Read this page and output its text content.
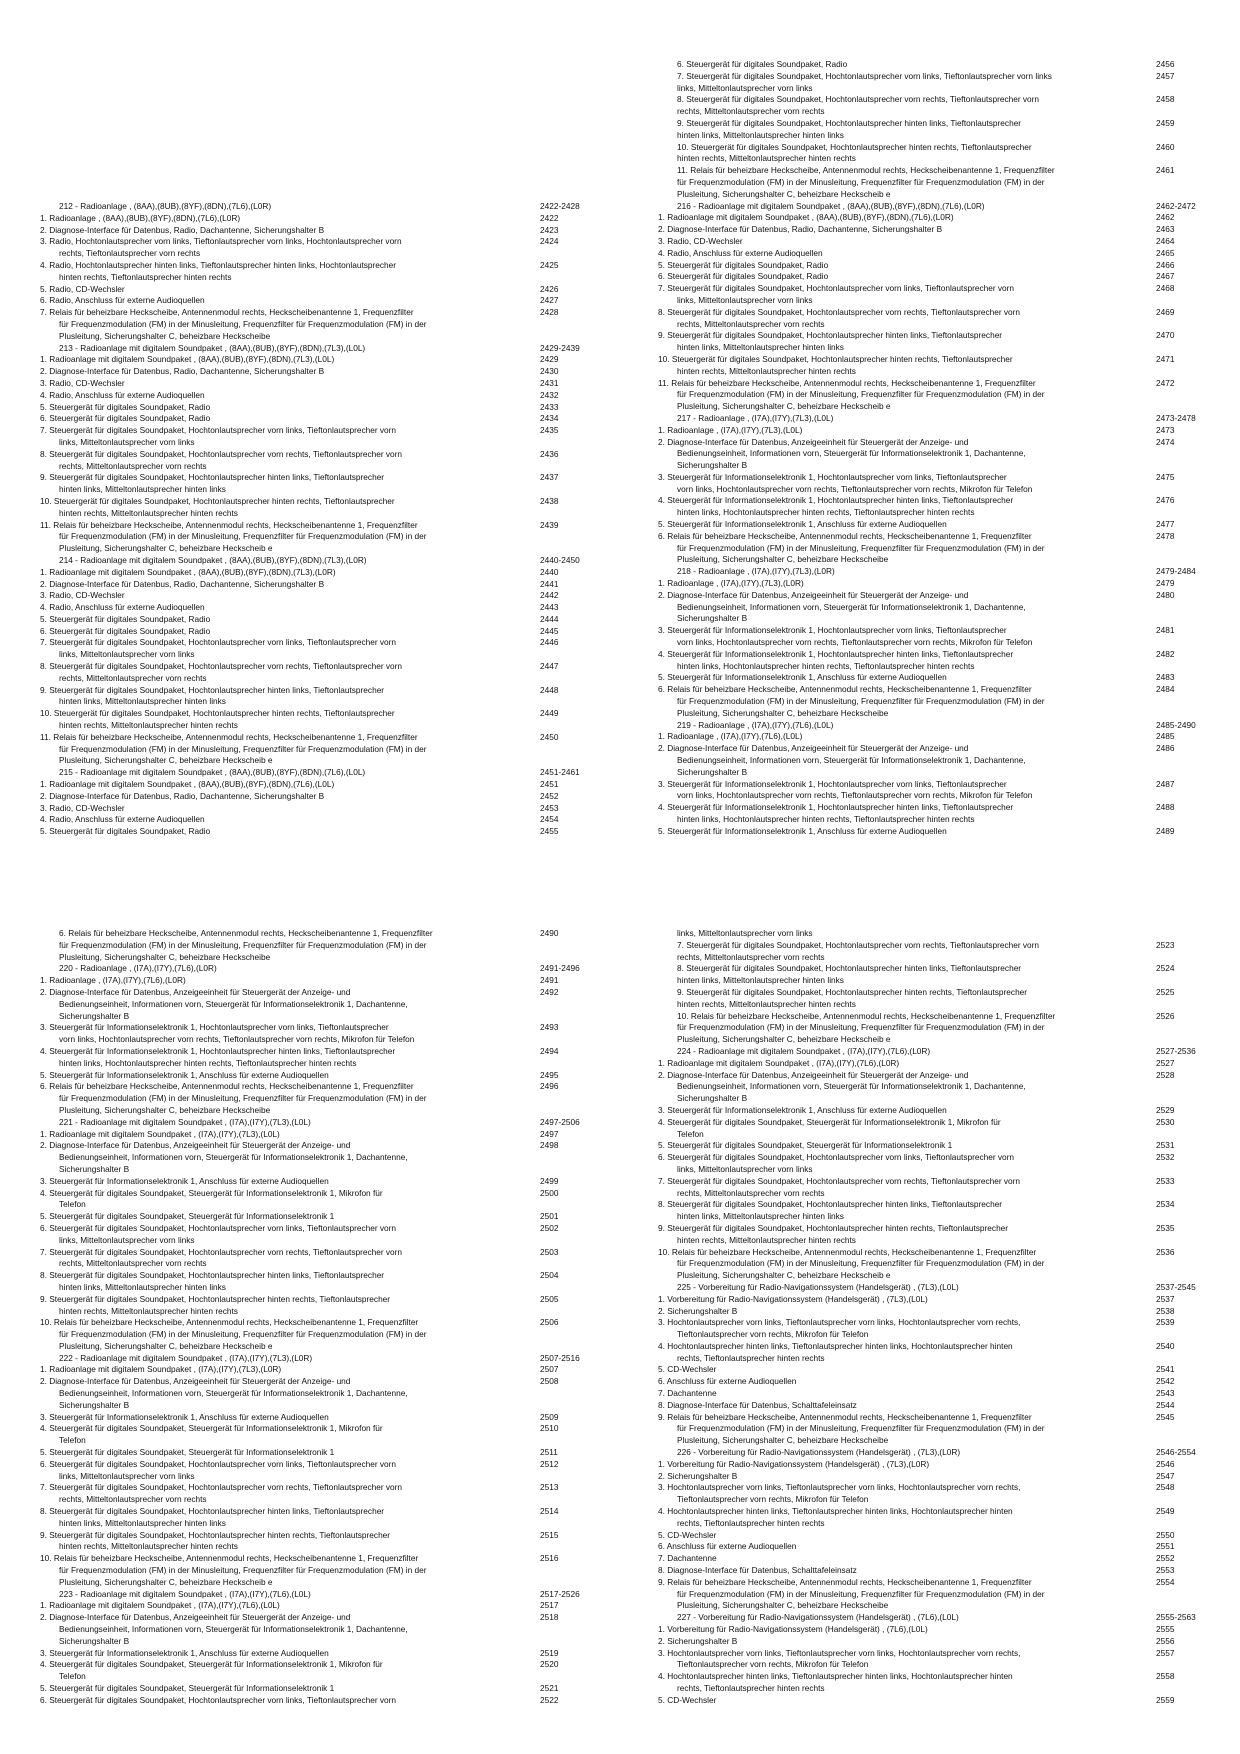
212 - Radioanlage , (8AA),(8UB),(8YF),(8DN),(7L6),(L0R)	2422-2428
1. Radioanlage , (8AA),(8UB),(8YF),(8DN),(7L6),(L0R)	2422
2. Diagnose-Interface für Datenbus, Radio, Dachantenne, Sicherungshalter B	2423
3. Radio, Hochtonlautsprecher vorn links, Tieftonlautsprecher vorn links, Hochtonlautsprecher vorn	2424
rechts, Tieftonlautsprecher vorn rechts
4. Radio, Hochtonlautsprecher hinten links, Tieftonlautsprecher hinten links, Hochtonlautsprecher	2425
hinten rechts, Tieftonlautsprecher hinten rechts
5. Radio, CD-Wechsler	2426
6. Radio, Anschluss für externe Audioquellen	2427
7. Relais für beheizbare Heckscheibe, Antennenmodul rechts, Heckscheibenantenne 1, Frequenzfilter	2428
für Frequenzmodulation (FM) in der Minusleitung, Frequenzfilter für Frequenzmodulation (FM) in der
Plusleitung, Sicherungshalter C, beheizbare Heckscheibe
213 - Radioanlage mit digitalem Soundpaket , (8AA),(8UB),(8YF),(8DN),(7L3),(L0L)	2429-2439
1. Radioanlage mit digitalem Soundpaket , (8AA),(8UB),(8YF),(8DN),(7L3),(L0L)	2429
2. Diagnose-Interface für Datenbus, Radio, Dachantenne, Sicherungshalter B	2430
3. Radio, CD-Wechsler	2431
4. Radio, Anschluss für externe Audioquellen	2432
5. Steuergerät für digitales Soundpaket, Radio	2433
6. Steuergerät für digitales Soundpaket, Radio	2434
7. Steuergerät für digitales Soundpaket, Hochtonlautsprecher vorn links, Tieftonlautsprecher vorn	2435
links, Mitteltonlautsprecher vorn links
8. Steuergerät für digitales Soundpaket, Hochtonlautsprecher vorn rechts, Tieftonlautsprecher vorn	2436
rechts, Mitteltonlautsprecher vorn rechts
9. Steuergerät für digitales Soundpaket, Hochtonlautsprecher hinten links, Tieftonlautsprecher	2437
hinten links, Mitteltonlautsprecher hinten links
10. Steuergerät für digitales Soundpaket, Hochtonlautsprecher hinten rechts, Tieftonlautsprecher	2438
hinten rechts, Mitteltonlautsprecher hinten rechts
11. Relais für beheizbare Heckscheibe, Antennenmodul rechts, Heckscheibenantenne 1, Frequenzfilter	2439
für Frequenzmodulation (FM) in der Minusleitung, Frequenzfilter für Frequenzmodulation (FM) in der
Plusleitung, Sicherungshalter C, beheizbare Heckscheib e
214 - Radioanlage mit digitalem Soundpaket , (8AA),(8UB),(8YF),(8DN),(7L3),(L0R)	2440-2450
1. Radioanlage mit digitalem Soundpaket , (8AA),(8UB),(8YF),(8DN),(7L3),(L0R)	2440
2. Diagnose-Interface für Datenbus, Radio, Dachantenne, Sicherungshalter B	2441
3. Radio, CD-Wechsler	2442
4. Radio, Anschluss für externe Audioquellen	2443
5. Steuergerät für digitales Soundpaket, Radio	2444
6. Steuergerät für digitales Soundpaket, Radio	2445
7. Steuergerät für digitales Soundpaket, Hochtonlautsprecher vorn links, Tieftonlautsprecher vorn	2446
links, Mitteltonlautsprecher vorn links
8. Steuergerät für digitales Soundpaket, Hochtonlautsprecher vorn rechts, Tieftonlautsprecher vorn	2447
rechts, Mitteltonlautsprecher vorn rechts
9. Steuergerät für digitales Soundpaket, Hochtonlautsprecher hinten links, Tieftonlautsprecher	2448
hinten links, Mitteltonlautsprecher hinten links
10. Steuergerät für digitales Soundpaket, Hochtonlautsprecher hinten rechts, Tieftonlautsprecher	2449
hinten rechts, Mitteltonlautsprecher hinten rechts
11. Relais für beheizbare Heckscheibe, Antennenmodul rechts, Heckscheibenantenne 1, Frequenzfilter	2450
für Frequenzmodulation (FM) in der Minusleitung, Frequenzfilter für Frequenzmodulation (FM) in der
Plusleitung, Sicherungshalter C, beheizbare Heckscheib e
215 - Radioanlage mit digitalem Soundpaket , (8AA),(8UB),(8YF),(8DN),(7L6),(L0L)	2451-2461
1. Radioanlage mit digitalem Soundpaket , (8AA),(8UB),(8YF),(8DN),(7L6),(L0L)	2451
2. Diagnose-Interface für Datenbus, Radio, Dachantenne, Sicherungshalter B	2452
3. Radio, CD-Wechsler	2453
4. Radio, Anschluss für externe Audioquellen	2454
5. Steuergerät für digitales Soundpaket, Radio	2455
6. Steuergerät für digitales Soundpaket, Radio	2456
7. Steuergerät für digitales Soundpaket, Hochtonlautsprecher vorn links, Tieftonlautsprecher vorn links	2457
links, Mitteltonlautsprecher vorn links
8. Steuergerät für digitales Soundpaket, Hochtonlautsprecher vorn rechts, Tieftonlautsprecher vorn	2458
rechts, Mitteltonlautsprecher vorn rechts
9. Steuergerät für digitales Soundpaket, Hochtonlautsprecher hinten links, Tieftonlautsprecher	2459
hinten links, Mitteltonlautsprecher hinten links
10. Steuergerät für digitales Soundpaket, Hochtonlautsprecher hinten rechts, Tieftonlautsprecher	2460
hinten rechts, Mitteltonlautsprecher hinten rechts
11. Relais für beheizbare Heckscheibe, Antennenmodul rechts, Heckscheibenantenne 1, Frequenzfilter	2461
für Frequenzmodulation (FM) in der Minusleitung, Frequenzfilter für Frequenzmodulation (FM) in der
Plusleitung, Sicherungshalter C, beheizbare Heckscheib e
216 - Radioanlage mit digitalem Soundpaket , (8AA),(8UB),(8YF),(8DN),(7L6),(L0R)	2462-2472
1. Radioanlage mit digitalem Soundpaket , (8AA),(8UB),(8YF),(8DN),(7L6),(L0R)	2462
2. Diagnose-Interface für Datenbus, Radio, Dachantenne, Sicherungshalter B	2463
3. Radio, CD-Wechsler	2464
4. Radio, Anschluss für externe Audioquellen	2465
5. Steuergerät für digitales Soundpaket, Radio	2466
6. Steuergerät für digitales Soundpaket, Radio	2467
7. Steuergerät für digitales Soundpaket, Hochtonlautsprecher vorn links, Tieftonlautsprecher vorn	2468
links, Mitteltonlautsprecher vorn links
8. Steuergerät für digitales Soundpaket, Hochtonlautsprecher vorn rechts, Tieftonlautsprecher vorn	2469
rechts, Mitteltonlautsprecher vorn rechts
9. Steuergerät für digitales Soundpaket, Hochtonlautsprecher hinten links, Tieftonlautsprecher	2470
hinten links, Mitteltonlautsprecher hinten links
10. Steuergerät für digitales Soundpaket, Hochtonlautsprecher hinten rechts, Tieftonlautsprecher	2471
hinten rechts, Mitteltonlautsprecher hinten rechts
11. Relais für beheizbare Heckscheibe, Antennenmodul rechts, Heckscheibenantenne 1, Frequenzfilter	2472
für Frequenzmodulation (FM) in der Minusleitung, Frequenzfilter für Frequenzmodulation (FM) in der
Plusleitung, Sicherungshalter C, beheizbare Heckscheib e
217 - Radioanlage , (I7A),(I7Y),(7L3),(L0L)	2473-2478
1. Radioanlage , (I7A),(I7Y),(7L3),(L0L)	2473
2. Diagnose-Interface für Datenbus, Anzeigeeinheit für Steuergerät der Anzeige- und	2474
Bedienungseinheit, Informationen vorn, Steuergerät für Informationselektronik 1, Dachantenne,
Sicherungshalter B
3. Steuergerät für Informationselektronik 1, Hochtonlautsprecher vorn links, Tieftonlautsprecher	2475
vorn links, Hochtonlautsprecher vorn rechts, Tieftonlautsprecher vorn rechts, Mikrofon für Telefon
4. Steuergerät für Informationselektronik 1, Hochtonlautsprecher hinten links, Tieftonlautsprecher	2476
hinten links, Hochtonlautsprecher hinten rechts, Tieftonlautsprecher hinten rechts
5. Steuergerät für Informationselektronik 1, Anschluss für externe Audioquellen	2477
6. Relais für beheizbare Heckscheibe, Antennenmodul rechts, Heckscheibenantenne 1, Frequenzfilter	2478
für Frequenzmodulation (FM) in der Minusleitung, Frequenzfilter für Frequenzmodulation (FM) in der
Plusleitung, Sicherungshalter C, beheizbare Heckscheibe
218 - Radioanlage , (I7A),(I7Y),(7L3),(L0R)	2479-2484
1. Radioanlage , (I7A),(I7Y),(7L3),(L0R)	2479
2. Diagnose-Interface für Datenbus, Anzeigeeinheit für Steuergerät der Anzeige- und	2480
Bedienungseinheit, Informationen vorn, Steuergerät für Informationselektronik 1, Dachantenne,
Sicherungshalter B
3. Steuergerät für Informationselektronik 1, Hochtonlautsprecher vorn links, Tieftonlautsprecher	2481
vorn links, Hochtonlautsprecher vorn rechts, Tieftonlautsprecher vorn rechts, Mikrofon für Telefon
4. Steuergerät für Informationselektronik 1, Hochtonlautsprecher hinten links, Tieftonlautsprecher	2482
hinten links, Hochtonlautsprecher hinten rechts, Tieftonlautsprecher hinten rechts
5. Steuergerät für Informationselektronik 1, Anschluss für externe Audioquellen	2483
6. Relais für beheizbare Heckscheibe, Antennenmodul rechts, Heckscheibenantenne 1, Frequenzfilter	2484
für Frequenzmodulation (FM) in der Minusleitung, Frequenzfilter für Frequenzmodulation (FM) in der
Plusleitung, Sicherungshalter C, beheizbare Heckscheibe
219 - Radioanlage , (I7A),(I7Y),(7L6),(L0L)	2485-2490
1. Radioanlage , (I7A),(I7Y),(7L6),(L0L)	2485
2. Diagnose-Interface für Datenbus, Anzeigeeinheit für Steuergerät der Anzeige- und	2486
Bedienungseinheit, Informationen vorn, Steuergerät für Informationselektronik 1, Dachantenne,
Sicherungshalter B
3. Steuergerät für Informationselektronik 1, Hochtonlautsprecher vorn links, Tieftonlautsprecher	2487
vorn links, Hochtonlautsprecher vorn rechts, Tieftonlautsprecher vorn rechts, Mikrofon für Telefon
4. Steuergerät für Informationselektronik 1, Hochtonlautsprecher hinten links, Tieftonlautsprecher	2488
hinten links, Hochtonlautsprecher hinten rechts, Tieftonlautsprecher hinten rechts
5. Steuergerät für Informationselektronik 1, Anschluss für externe Audioquellen	2489
6. Relais für beheizbare Heckscheibe, Antennenmodul rechts, Heckscheibenantenne 1, Frequenzfilter	2490
für Frequenzmodulation (FM) in der Minusleitung, Frequenzfilter für Frequenzmodulation (FM) in der
Plusleitung, Sicherungshalter C, beheizbare Heckscheibe
220 - Radioanlage , (I7A),(I7Y),(7L6),(L0R)	2491-2496
1. Radioanlage , (I7A),(I7Y),(7L6),(L0R)	2491
2. Diagnose-Interface für Datenbus, Anzeigeeinheit für Steuergerät der Anzeige- und	2492
Bedienungseinheit, Informationen vorn, Steuergerät für Informationselektronik 1, Dachantenne,
Sicherungshalter B
3. Steuergerät für Informationselektronik 1, Hochtonlautsprecher vorn links, Tieftonlautsprecher	2493
vorn links, Hochtonlautsprecher vorn rechts, Tieftonlautsprecher vorn rechts, Mikrofon für Telefon
4. Steuergerät für Informationselektronik 1, Hochtonlautsprecher hinten links, Tieftonlautsprecher	2494
hinten links, Hochtonlautsprecher hinten rechts, Tieftonlautsprecher hinten rechts
5. Steuergerät für Informationselektronik 1, Anschluss für externe Audioquellen	2495
6. Relais für beheizbare Heckscheibe, Antennenmodul rechts, Heckscheibenantenne 1, Frequenzfilter	2496
für Frequenzmodulation (FM) in der Minusleitung, Frequenzfilter für Frequenzmodulation (FM) in der
Plusleitung, Sicherungshalter C, beheizbare Heckscheibe
221 - Radioanlage mit digitalem Soundpaket , (I7A),(I7Y),(7L3),(L0L)	2497-2506
1. Radioanlage mit digitalem Soundpaket , (I7A),(I7Y),(7L3),(L0L)	2497
2. Diagnose-Interface für Datenbus, Anzeigeeinheit für Steuergerät der Anzeige- und	2498
Bedienungseinheit, Informationen vorn, Steuergerät für Informationselektronik 1, Dachantenne,
Sicherungshalter B
3. Steuergerät für Informationselektronik 1, Anschluss für externe Audioquellen	2499
4. Steuergerät für digitales Soundpaket, Steuergerät für Informationselektronik 1, Mikrofon für	2500
Telefon
5. Steuergerät für digitales Soundpaket, Steuergerät für Informationselektronik 1	2501
6. Steuergerät für digitales Soundpaket, Hochtonlautsprecher vorn links, Tieftonlautsprecher vorn	2502
links, Mitteltonlautsprecher vorn links
7. Steuergerät für digitales Soundpaket, Hochtonlautsprecher vorn rechts, Tieftonlautsprecher vorn	2503
rechts, Mitteltonlautsprecher vorn rechts
8. Steuergerät für digitales Soundpaket, Hochtonlautsprecher hinten links, Tieftonlautsprecher	2504
hinten links, Mitteltonlautsprecher hinten links
9. Steuergerät für digitales Soundpaket, Hochtonlautsprecher hinten rechts, Tieftonlautsprecher	2505
hinten rechts, Mitteltonlautsprecher hinten rechts
10. Relais für beheizbare Heckscheibe, Antennenmodul rechts, Heckscheibenantenne 1, Frequenzfilter	2506
für Frequenzmodulation (FM) in der Minusleitung, Frequenzfilter für Frequenzmodulation (FM) in der
Plusleitung, Sicherungshalter C, beheizbare Heckscheib e
222 - Radioanlage mit digitalem Soundpaket , (I7A),(I7Y),(7L3),(L0R)	2507-2516
1. Radioanlage mit digitalem Soundpaket , (I7A),(I7Y),(7L3),(L0R)	2507
2. Diagnose-Interface für Datenbus, Anzeigeeinheit für Steuergerät der Anzeige- und	2508
Bedienungseinheit, Informationen vorn, Steuergerät für Informationselektronik 1, Dachantenne,
Sicherungshalter B
3. Steuergerät für Informationselektronik 1, Anschluss für externe Audioquellen	2509
4. Steuergerät für digitales Soundpaket, Steuergerät für Informationselektronik 1, Mikrofon für	2510
Telefon
5. Steuergerät für digitales Soundpaket, Steuergerät für Informationselektronik 1	2511
6. Steuergerät für digitales Soundpaket, Hochtonlautsprecher vorn links, Tieftonlautsprecher vorn	2512
links, Mitteltonlautsprecher vorn links
7. Steuergerät für digitales Soundpaket, Hochtonlautsprecher vorn rechts, Tieftonlautsprecher vorn	2513
rechts, Mitteltonlautsprecher vorn rechts
8. Steuergerät für digitales Soundpaket, Hochtonlautsprecher hinten links, Tieftonlautsprecher	2514
hinten links, Mitteltonlautsprecher hinten links
9. Steuergerät für digitales Soundpaket, Hochtonlautsprecher hinten rechts, Tieftonlautsprecher	2515
hinten rechts, Mitteltonlautsprecher hinten rechts
10. Relais für beheizbare Heckscheibe, Antennenmodul rechts, Heckscheibenantenne 1, Frequenzfilter	2516
für Frequenzmodulation (FM) in der Minusleitung, Frequenzfilter für Frequenzmodulation (FM) in der
Plusleitung, Sicherungshalter C, beheizbare Heckscheib e
223 - Radioanlage mit digitalem Soundpaket , (I7A),(I7Y),(7L6),(L0L)	2517-2526
1. Radioanlage mit digitalem Soundpaket , (I7A),(I7Y),(7L6),(L0L)	2517
2. Diagnose-Interface für Datenbus, Anzeigeeinheit für Steuergerät der Anzeige- und	2518
Bedienungseinheit, Informationen vorn, Steuergerät für Informationselektronik 1, Dachantenne,
Sicherungshalter B
3. Steuergerät für Informationselektronik 1, Anschluss für externe Audioquellen	2519
4. Steuergerät für digitales Soundpaket, Steuergerät für Informationselektronik 1, Mikrofon für	2520
Telefon
5. Steuergerät für digitales Soundpaket, Steuergerät für Informationselektronik 1	2521
6. Steuergerät für digitales Soundpaket, Hochtonlautsprecher vorn links, Tieftonlautsprecher vorn	2522
links, Mitteltonlautsprecher vorn links
7. Steuergerät für digitales Soundpaket, Hochtonlautsprecher vorn rechts, Tieftonlautsprecher vorn	2523
rechts, Mitteltonlautsprecher vorn rechts
8. Steuergerät für digitales Soundpaket, Hochtonlautsprecher hinten links, Tieftonlautsprecher	2524
hinten links, Mitteltonlautsprecher hinten links
9. Steuergerät für digitales Soundpaket, Hochtonlautsprecher hinten rechts, Tieftonlautsprecher	2525
hinten rechts, Mitteltonlautsprecher hinten rechts
10. Relais für beheizbare Heckscheibe, Antennenmodul rechts, Heckscheibenantenne 1, Frequenzfilter	2526
für Frequenzmodulation (FM) in der Minusleitung, Frequenzfilter für Frequenzmodulation (FM) in der
Plusleitung, Sicherungshalter C, beheizbare Heckscheib e
224 - Radioanlage mit digitalem Soundpaket , (I7A),(I7Y),(7L6),(L0R)	2527-2536
1. Radioanlage mit digitalem Soundpaket , (I7A),(I7Y),(7L6),(L0R)	2527
2. Diagnose-Interface für Datenbus, Anzeigeeinheit für Steuergerät der Anzeige- und	2528
Bedienungseinheit, Informationen vorn, Steuergerät für Informationselektronik 1, Dachantenne,
Sicherungshalter B
3. Steuergerät für Informationselektronik 1, Anschluss für externe Audioquellen	2529
4. Steuergerät für digitales Soundpaket, Steuergerät für Informationselektronik 1, Mikrofon für	2530
Telefon
5. Steuergerät für digitales Soundpaket, Steuergerät für Informationselektronik 1	2531
6. Steuergerät für digitales Soundpaket, Hochtonlautsprecher vorn links, Tieftonlautsprecher vorn	2532
links, Mitteltonlautsprecher vorn links
7. Steuergerät für digitales Soundpaket, Hochtonlautsprecher vorn rechts, Tieftonlautsprecher vorn	2533
rechts, Mitteltonlautsprecher vorn rechts
8. Steuergerät für digitales Soundpaket, Hochtonlautsprecher hinten links, Tieftonlautsprecher	2534
hinten links, Mitteltonlautsprecher hinten links
9. Steuergerät für digitales Soundpaket, Hochtonlautsprecher hinten rechts, Tieftonlautsprecher	2535
hinten rechts, Mitteltonlautsprecher hinten rechts
10. Relais für beheizbare Heckscheibe, Antennenmodul rechts, Heckscheibenantenne 1, Frequenzfilter	2536
für Frequenzmodulation (FM) in der Minusleitung, Frequenzfilter für Frequenzmodulation (FM) in der
Plusleitung, Sicherungshalter C, beheizbare Heckscheib e
225 - Vorbereitung für Radio-Navigationssystem (Handelsgerät) , (7L3),(L0L)	2537-2545
1. Vorbereitung für Radio-Navigationssystem (Handelsgerät) , (7L3),(L0L)	2537
2. Sicherungshalter B	2538
3. Hochtonlautsprecher vorn links, Tieftonlautsprecher vorn links, Hochtonlautsprecher vorn rechts,	2539
Tieftonlautsprecher vorn rechts, Mikrofon für Telefon
4. Hochtonlautsprecher hinten links, Tieftonlautsprecher hinten links, Hochtonlautsprecher hinten	2540
rechts, Tieftonlautsprecher hinten rechts
5. CD-Wechsler	2541
6. Anschluss für externe Audioquellen	2542
7. Dachantenne	2543
8. Diagnose-Interface für Datenbus, Schalttafeleinsatz	2544
9. Relais für beheizbare Heckscheibe, Antennenmodul rechts, Heckscheibenantenne 1, Frequenzfilter	2545
für Frequenzmodulation (FM) in der Minusleitung, Frequenzfilter für Frequenzmodulation (FM) in der
Plusleitung, Sicherungshalter C, beheizbare Heckscheibe
226 - Vorbereitung für Radio-Navigationssystem (Handelsgerät) , (7L3),(L0R)	2546-2554
1. Vorbereitung für Radio-Navigationssystem (Handelsgerät) , (7L3),(L0R)	2546
2. Sicherungshalter B	2547
3. Hochtonlautsprecher vorn links, Tieftonlautsprecher vorn links, Hochtonlautsprecher vorn rechts,	2548
Tieftonlautsprecher vorn rechts, Mikrofon für Telefon
4. Hochtonlautsprecher hinten links, Tieftonlautsprecher hinten links, Hochtonlautsprecher hinten	2549
rechts, Tieftonlautsprecher hinten rechts
5. CD-Wechsler	2550
6. Anschluss für externe Audioquellen	2551
7. Dachantenne	2552
8. Diagnose-Interface für Datenbus, Schalttafeleinsatz	2553
9. Relais für beheizbare Heckscheibe, Antennenmodul rechts, Heckscheibenantenne 1, Frequenzfilter	2554
für Frequenzmodulation (FM) in der Minusleitung, Frequenzfilter für Frequenzmodulation (FM) in der
Plusleitung, Sicherungshalter C, beheizbare Heckscheibe
227 - Vorbereitung für Radio-Navigationssystem (Handelsgerät) , (7L6),(L0L)	2555-2563
1. Vorbereitung für Radio-Navigationssystem (Handelsgerät) , (7L6),(L0L)	2555
2. Sicherungshalter B	2556
3. Hochtonlautsprecher vorn links, Tieftonlautsprecher vorn links, Hochtonlautsprecher vorn rechts,	2557
Tieftonlautsprecher vorn rechts, Mikrofon für Telefon
4. Hochtonlautsprecher hinten links, Tieftonlautsprecher hinten links, Hochtonlautsprecher hinten	2558
rechts, Tieftonlautsprecher hinten rechts
5. CD-Wechsler	2559
